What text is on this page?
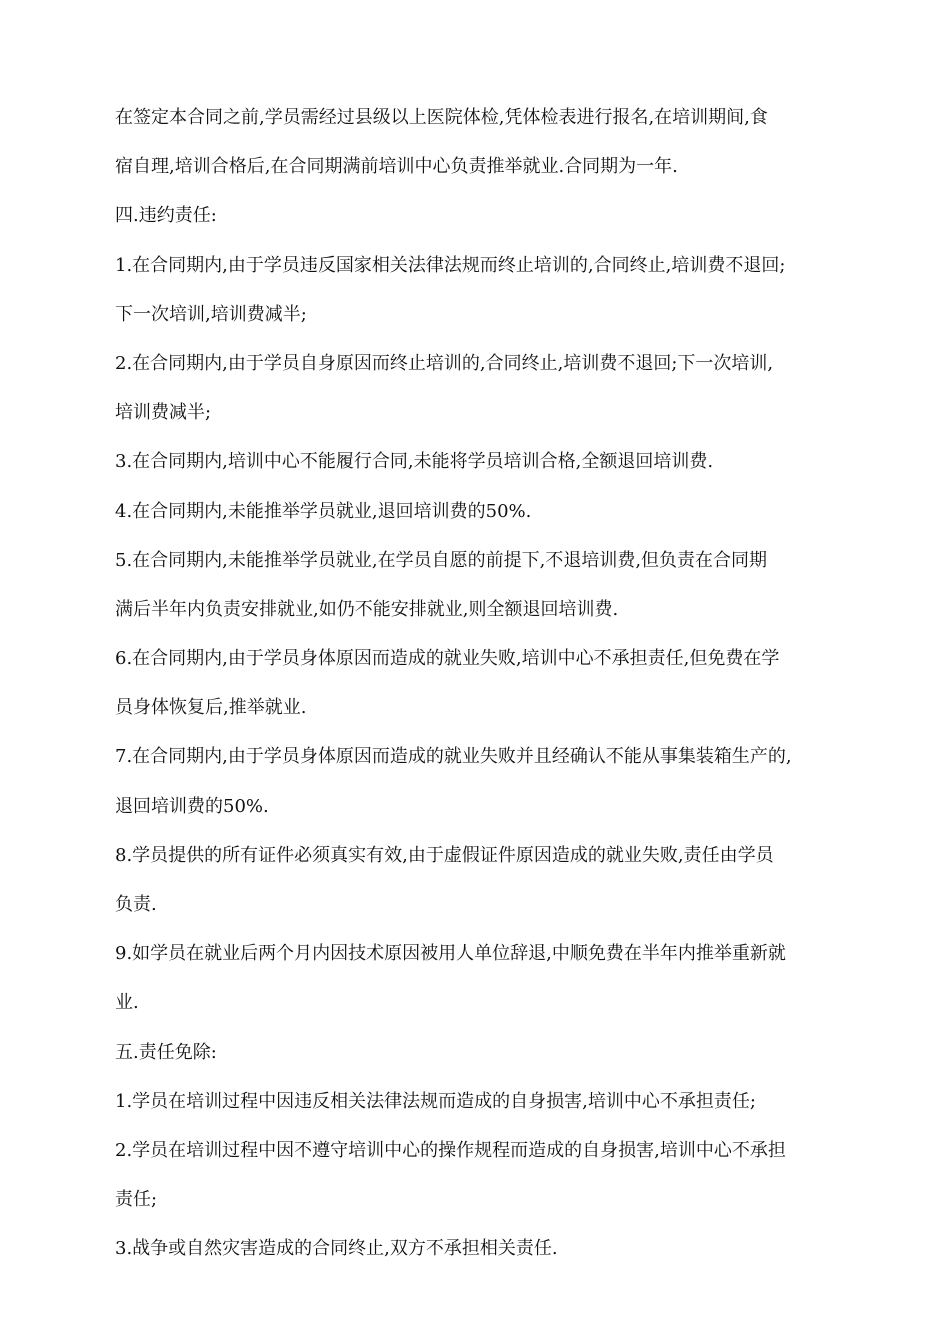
在签定本合同之前,学员需经过县级以上医院体检,凭体检表进行报名,在培训期间,食
宿自理,培训合格后,在合同期满前培训中心负责推举就业.合同期为一年.
四.违约责任:
1.在合同期内,由于学员违反国家相关法律法规而终止培训的,合同终止,培训费不退回;
下一次培训,培训费减半;
2.在合同期内,由于学员自身原因而终止培训的,合同终止,培训费不退回;下一次培训,
培训费减半;
3.在合同期内,培训中心不能履行合同,未能将学员培训合格,全额退回培训费.
4.在合同期内,未能推举学员就业,退回培训费的50%.
5.在合同期内,未能推举学员就业,在学员自愿的前提下,不退培训费,但负责在合同期
满后半年内负责安排就业,如仍不能安排就业,则全额退回培训费.
6.在合同期内,由于学员身体原因而造成的就业失败,培训中心不承担责任,但免费在学
员身体恢复后,推举就业.
7.在合同期内,由于学员身体原因而造成的就业失败并且经确认不能从事集装箱生产的,
退回培训费的50%.
8.学员提供的所有证件必须真实有效,由于虚假证件原因造成的就业失败,责任由学员
负责.
9.如学员在就业后两个月内因技术原因被用人单位辞退,中顺免费在半年内推举重新就
业.
五.责任免除:
1.学员在培训过程中因违反相关法律法规而造成的自身损害,培训中心不承担责任;
2.学员在培训过程中因不遵守培训中心的操作规程而造成的自身损害,培训中心不承担
责任;
3.战争或自然灾害造成的合同终止,双方不承担相关责任.
